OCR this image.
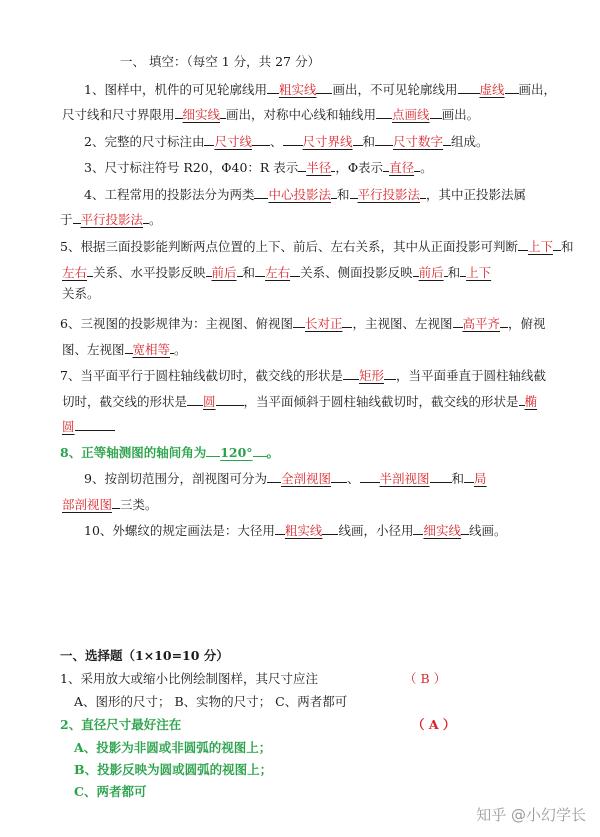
一、 填空：（每空 1 分，共 27 分）
1、图样中，机件的可见轮廓线用 粗实线 画出，不可见轮廓线用 虚线 画出，
尺寸线和尺寸界限用 细实线 画出，对称中心线和轴线用 点画线 画出。
2、完整的尺寸标注由 尺寸线 、 尺寸界线 和 尺寸数字 组成。
3、尺寸标注符号 R20，Φ40：R 表示 半径 ，Φ表示 直径 。
4、工程常用的投影法分为两类 中心投影法 和 平行投影法 ，其中正投影法属
于 平行投影法 。
5、根据三面投影能判断两点位置的上下、前后、左右关系，其中从正面投影可判断 上下 和
左右 关系、水平投影反映 前后 和 左右 关系、侧面投影反映 前后 和 上下
关系。
6、三视图的投影规律为：主视图、俯视图 长对正 ，主视图、左视图 高平齐 ，俯视
图、左视图 宽相等 。
7、当平面平行于圆柱轴线截切时，截交线的形状是 矩形 ，当平面垂直于圆柱轴线截
切时，截交线的形状是 圆 ，当平面倾斜于圆柱轴线截切时，截交线的形状是 椭
圆
8、正等轴测图的轴间角为 120° 。
9、按剖切范围分，剖视图可分为 全剖视图 、 半剖视图 和 局
部剖视图 三类。
10、外螺纹的规定画法是：大径用 粗实线 线画，小径用 细实线 线画。
一、选择题（1×10=10 分）
1、采用放大或缩小比例绘制图样，其尺寸应注	（ B ）
A、图形的尺寸； B、实物的尺寸； C、两者都可
2、直径尺寸最好注在	（ A ）
A、投影为非圆或非圆弧的视图上；
B、投影反映为圆或圆弧的视图上；
C、两者都可
知乎 @小幻学长
